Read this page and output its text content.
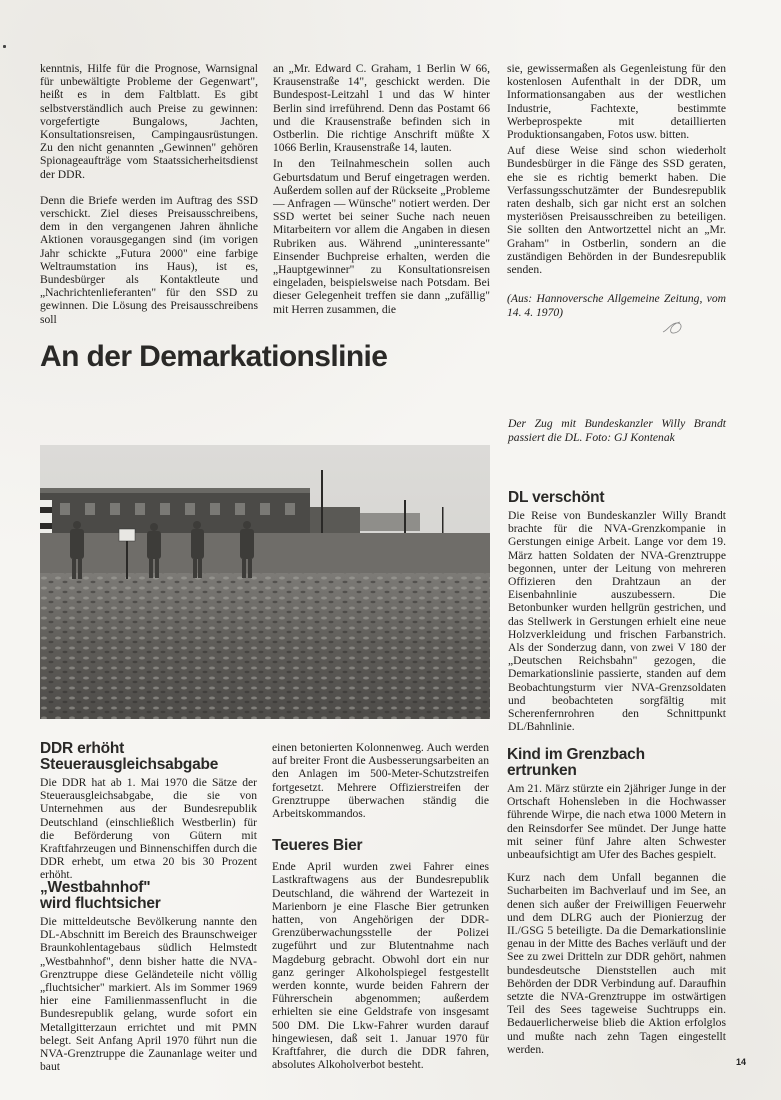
kenntnis, Hilfe für die Prognose, Warnsignal für unbewältigte Probleme der Gegenwart", heißt es in dem Faltblatt. Es gibt selbstverständlich auch Preise zu gewinnen: vorgefertigte Bungalows, Jachten, Konsultationsreisen, Campingausrüstungen. Zu den nicht genannten „Gewinnen" gehören Spionageaufträge vom Staatssicherheitsdienst der DDR.

Denn die Briefe werden im Auftrag des SSD verschickt. Ziel dieses Preisausschreibens, dem in den vergangenen Jahren ähnliche Aktionen vorausgegangen sind (im vorigen Jahr schickte „Futura 2000" eine farbige Weltraumstation ins Haus), ist es, Bundesbürger als Kontaktleute und „Nachrichtenlieferanten" für den SSD zu gewinnen. Die Lösung des Preisausschreibens soll

an „Mr. Edward C. Graham, 1 Berlin W 66, Krausenstraße 14", geschickt werden. Die Bundespost-Leitzahl 1 und das W hinter Berlin sind irreführend. Denn das Postamt 66 und die Krausenstraße befinden sich in Ostberlin. Die richtige Anschrift müßte X 1066 Berlin, Krausenstraße 14, lauten.

In den Teilnahmeschein sollen auch Geburtsdatum und Beruf eingetragen werden. Außerdem sollen auf der Rückseite „Probleme — Anfragen — Wünsche" notiert werden. Der SSD wertet bei seiner Suche nach neuen Mitarbeitern vor allem die Angaben in diesen Rubriken aus. Während „uninteressante" Einsender Buchpreise erhalten, werden die „Hauptgewinner" zu Konsultationsreisen eingeladen, beispielsweise nach Potsdam. Bei dieser Gelegenheit treffen sie dann „zufällig" mit Herren zusammen, die

sie, gewissermaßen als Gegenleistung für den kostenlosen Aufenthalt in der DDR, um Informationsangaben aus der westlichen Industrie, Fachtexte, bestimmte Werbeprospekte mit detaillierten Produktionsangaben, Fotos usw. bitten.

Auf diese Weise sind schon wiederholt Bundesbürger in die Fänge des SSD geraten, ehe sie es richtig bemerkt haben. Die Verfassungsschutzämter der Bundesrepublik raten deshalb, sich gar nicht erst an solchen mysteriösen Preisausschreiben zu beteiligen. Sie sollten den Antwortzettel nicht an „Mr. Graham" in Ostberlin, sondern an die zuständigen Behörden in der Bundesrepublik senden.

(Aus: Hannoversche Allgemeine Zeitung, vom 14. 4. 1970)

An der Demarkationslinie

Der Zug mit Bundeskanzler Willy Brandt passiert die DL. Foto: GJ Kontenak

DL verschönt

Die Reise von Bundeskanzler Willy Brandt brachte für die NVA-Grenzkompanie in Gerstungen einige Arbeit. Lange vor dem 19. März hatten Soldaten der NVA-Grenztruppe begonnen, unter der Leitung von mehreren Offizieren den Drahtzaun an der Eisenbahnlinie auszubessern. Die Betonbunker wurden hellgrün gestrichen, und das Stellwerk in Gerstungen erhielt eine neue Holzverkleidung und frischen Farbanstrich. Als der Sonderzug dann, von zwei V 180 der „Deutschen Reichsbahn" gezogen, die Demarkationslinie passierte, standen auf dem Beobachtungsturm vier NVA-Grenzsoldaten und beobachteten sorgfältig mit Scherenfernrohren den Schnittpunkt DL/Bahnlinie.

DDR erhöht
Steuerausgleichsabgabe

Die DDR hat ab 1. Mai 1970 die Sätze der Steuerausgleichsabgabe, die sie von Unternehmen aus der Bundesrepublik Deutschland (einschließlich Westberlin) für die Beförderung von Gütern mit Kraftfahrzeugen und Binnenschiffen durch die DDR erhebt, um etwa 20 bis 30 Prozent erhöht.

„Westbahnhof"
wird fluchtsicher

Die mitteldeutsche Bevölkerung nannte den DL-Abschnitt im Bereich des Braunschweiger Braunkohlentagebaus südlich Helmstedt „Westbahnhof", denn bisher hatte die NVA-Grenztruppe diese Geländeteile nicht völlig „fluchtsicher" markiert. Als im Sommer 1969 hier eine Familienmassenflucht in die Bundesrepublik gelang, wurde sofort ein Metallgitterzaun errichtet und mit PMN belegt. Seit Anfang April 1970 führt nun die NVA-Grenztruppe die Zaunanlage weiter und baut

einen betonierten Kolonnenweg. Auch werden auf breiter Front die Ausbesserungsarbeiten an den Anlagen im 500-Meter-Schutzstreifen fortgesetzt. Mehrere Offizierstreifen der Grenztruppe überwachen ständig die Arbeitskommandos.

Teueres Bier

Ende April wurden zwei Fahrer eines Lastkraftwagens aus der Bundesrepublik Deutschland, die während der Wartezeit in Marienborn je eine Flasche Bier getrunken hatten, von Angehörigen der DDR-Grenzüberwachungsstelle der Polizei zugeführt und zur Blutentnahme nach Magdeburg gebracht. Obwohl dort ein nur ganz geringer Alkoholspiegel festgestellt werden konnte, wurde beiden Fahrern der Führerschein abgenommen; außerdem erhielten sie eine Geldstrafe von insgesamt 500 DM. Die Lkw-Fahrer wurden darauf hingewiesen, daß seit 1. Januar 1970 für Kraftfahrer, die durch die DDR fahren, absolutes Alkoholverbot besteht.

Kind im Grenzbach
ertrunken

Am 21. März stürzte ein 2jähriger Junge in der Ortschaft Hohensleben in die Hochwasser führende Wirpe, die nach etwa 1000 Metern in den Reinsdorfer See mündet. Der Junge hatte mit seiner fünf Jahre alten Schwester unbeaufsichtigt am Ufer des Baches gespielt.

Kurz nach dem Unfall begannen die Sucharbeiten im Bachverlauf und im See, an denen sich außer der Freiwilligen Feuerwehr und dem DLRG auch der Pionierzug der II./GSG 5 beteiligte. Da die Demarkationslinie genau in der Mitte des Baches verläuft und der See zu zwei Dritteln zur DDR gehört, nahmen bundesdeutsche Dienststellen auch mit Behörden der DDR Verbindung auf. Daraufhin setzte die NVA-Grenztruppe im ostwärtigen Teil des Sees tageweise Suchtrupps ein. Bedauerlicherweise blieb die Aktion erfolglos und mußte nach zehn Tagen eingestellt werden.

14
